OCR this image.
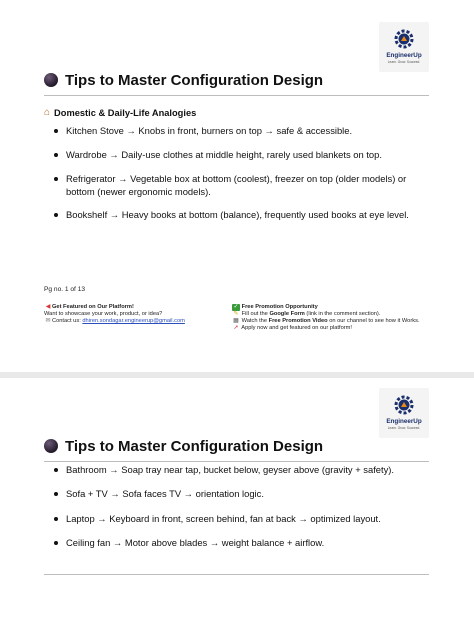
EngineerUp
Learn. Grow. Succeed.
Tips to Master Configuration Design
⌂ Domestic & Daily-Life Analogies
Kitchen Stove → Knobs in front, burners on top → safe & accessible.
Wardrobe → Daily-use clothes at middle height, rarely used blankets on top.
Refrigerator → Vegetable box at bottom (coolest), freezer on top (older models) or bottom (newer ergonomic models).
Bookshelf → Heavy books at bottom (balance), frequently used books at eye level.
Pg no. 1 of 13
◀ Get Featured on Our Platform!
Want to showcase your work, product, or idea?
✉Contact us: dhiren.sondagar.engineerup@gmail.com
✓ Free Promotion Opportunity
✎ Fill out the Google Form (link in the comment section).
▦ Watch the Free Promotion Video on our channel to see how it Works.
➚ Apply now and get featured on our platform!
EngineerUp
Learn. Grow. Succeed.
Tips to Master Configuration Design
Bathroom → Soap tray near tap, bucket below, geyser above (gravity + safety).
Sofa + TV → Sofa faces TV → orientation logic.
Laptop → Keyboard in front, screen behind, fan at back → optimized layout.
Ceiling fan → Motor above blades → weight balance + airflow.
